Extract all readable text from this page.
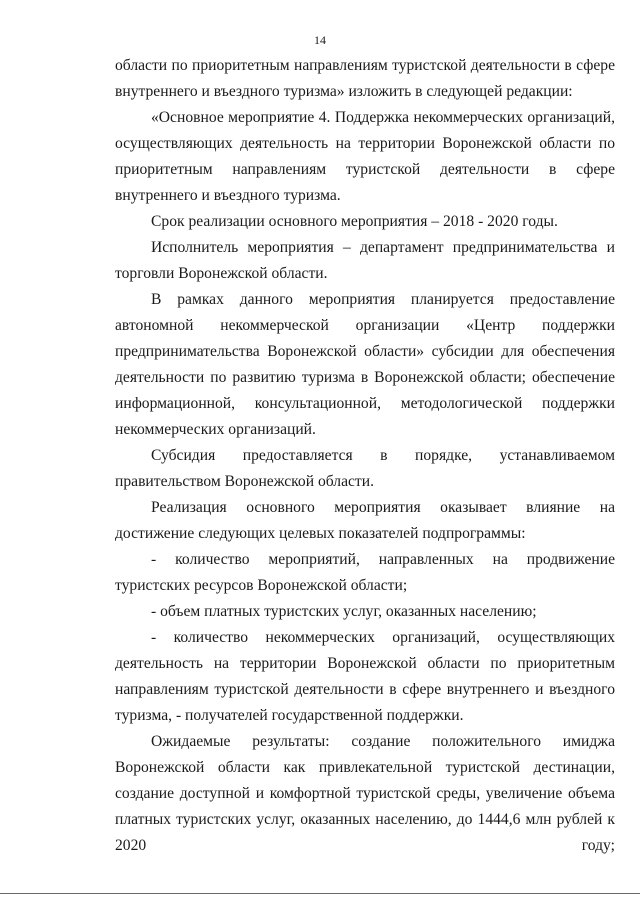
14

области по приоритетным направлениям туристской деятельности в сфере внутреннего и въездного туризма» изложить в следующей редакции:

«Основное мероприятие 4. Поддержка некоммерческих организаций, осуществляющих деятельность на территории Воронежской области по приоритетным направлениям туристской деятельности в сфере внутреннего и въездного туризма.

Срок реализации основного мероприятия – 2018 - 2020 годы.

Исполнитель мероприятия – департамент предпринимательства и торговли Воронежской области.

В рамках данного мероприятия планируется предоставление автономной некоммерческой организации «Центр поддержки предпринимательства Воронежской области» субсидии для обеспечения деятельности по развитию туризма в Воронежской области; обеспечение информационной, консультационной, методологической поддержки некоммерческих организаций.

Субсидия предоставляется в порядке, устанавливаемом правительством Воронежской области.

Реализация основного мероприятия оказывает влияние на достижение следующих целевых показателей подпрограммы:

- количество мероприятий, направленных на продвижение туристских ресурсов Воронежской области;

- объем платных туристских услуг, оказанных населению;

- количество некоммерческих организаций, осуществляющих деятельность на территории Воронежской области по приоритетным направлениям туристской деятельности в сфере внутреннего и въездного туризма, - получателей государственной поддержки.

Ожидаемые результаты: создание положительного имиджа Воронежской области как привлекательной туристской дестинации, создание доступной и комфортной туристской среды, увеличение объема платных туристских услуг, оказанных населению, до 1444,6 млн рублей к 2020 году;
